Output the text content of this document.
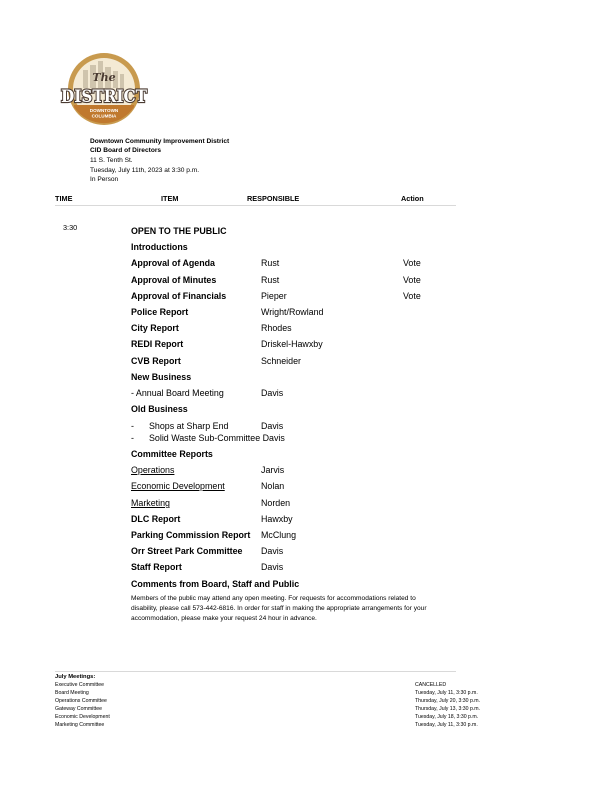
The
DISTRICT
DOWNTOWN
COLUMBIA
Downtown Community Improvement District
CID Board of Directors
11 S. Tenth St.
Tuesday, July 11th, 2023 at 3:30 p.m.
In Person
TIME	ITEM	RESPONSIBLE	Action
3:30	OPEN TO THE PUBLIC
Introductions
Approval of Agenda	Rust	Vote
Approval of Minutes	Rust	Vote
Approval of Financials	Pieper	Vote
Police Report	Wright/Rowland
City Report	Rhodes
REDI Report	Driskel-Hawxby
CVB Report	Schneider
New Business
- Annual Board Meeting	Davis
Old Business
- Shops at Sharp End	Davis
- Solid Waste Sub-Committee Davis
Committee Reports
Operations	Jarvis
Economic Development	Nolan
Marketing	Norden
DLC Report	Hawxby
Parking Commission Report McClung
Orr Street Park Committee Davis
Staff Report	Davis
Comments from Board, Staff and Public
Members of the public may attend any open meeting. For requests for accommodations related to disability, please call 573-442-6816. In order for staff in making the appropriate arrangements for your accommodation, please make your request 24 hour in advance.
July Meetings:
Executive Committee	CANCELLED
Board Meeting	Tuesday, July 11, 3:30 p.m.
Operations Committee	Thursday, July 20, 3:30 p.m.
Gateway Committee	Thursday, July 13, 3:30 p.m.
Economic Development	Tuesday, July 18, 3:30 p.m.
Marketing Committee	Tuesday, July 11, 3:30 p.m.
